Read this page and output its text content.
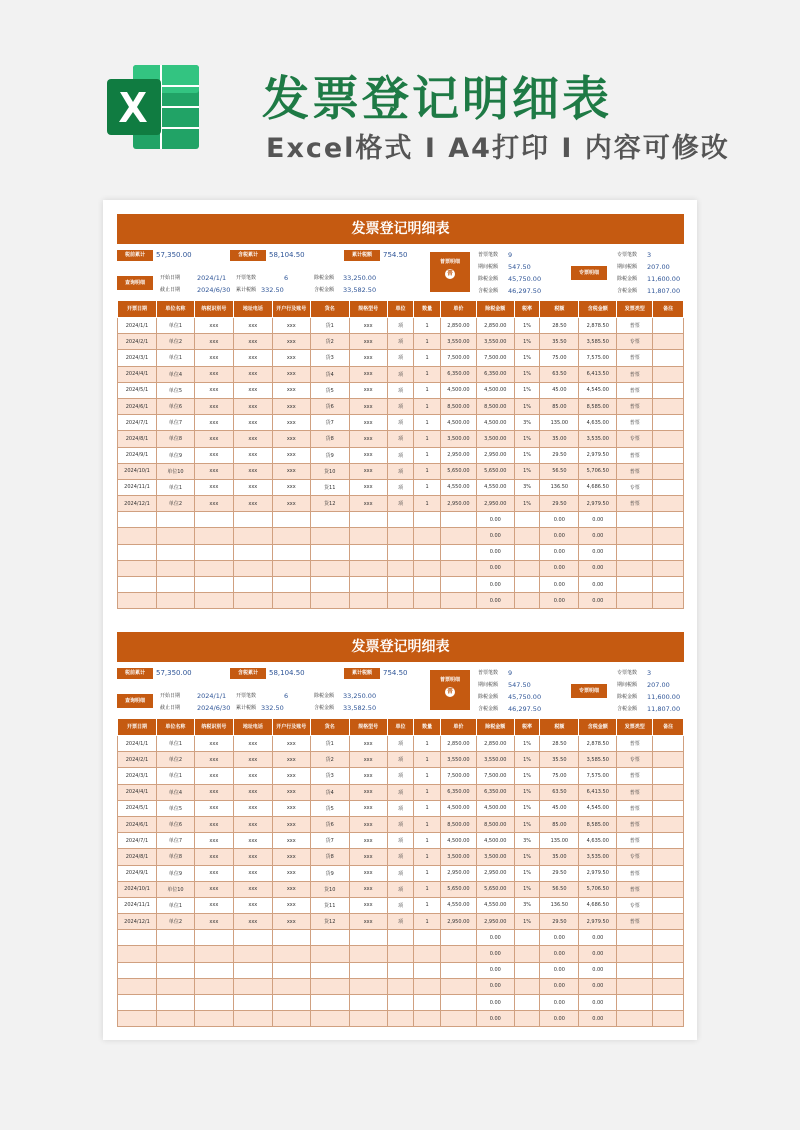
发票登记明细表
Excel格式 I A4打印 I 内容可修改
发票登记明细表
税前累计	57,350.00	含税累计	58,104.50	累计税额	754.50
查询明细
开始日期	2024/1/1
截止日期	2024/6/30
开票笔数	6
累计税额 332.50
除税金额 33,250.00
含税金额 33,582.50
普票明细
普
普票笔数 9
期间税额 547.50
除税金额 45,750.00
含税金额 46,297.50
专票明细
专票笔数 3
期间税额 207.00
除税金额 11,600.00
含税金额 11,807.00
开票日期	单位名称	纳税识别号	地址电话	开户行及账号	货名	规格型号	单位	数量	单价	除税金额	税率	税额	含税金额	发票类型	备注
2024/1/1	单位1	xxx	xxx	xxx	货1	xxx	项	1	2,850.00	2,850.00	1%	28.50	2,878.50	普票	
2024/2/1	单位2	xxx	xxx	xxx	货2	xxx	项	1	3,550.00	3,550.00	1%	35.50	3,585.50	专票	
2024/3/1	单位1	xxx	xxx	xxx	货3	xxx	项	1	7,500.00	7,500.00	1%	75.00	7,575.00	普票	
2024/4/1	单位4	xxx	xxx	xxx	货4	xxx	项	1	6,350.00	6,350.00	1%	63.50	6,413.50	普票	
2024/5/1	单位5	xxx	xxx	xxx	货5	xxx	项	1	4,500.00	4,500.00	1%	45.00	4,545.00	普票	
2024/6/1	单位6	xxx	xxx	xxx	货6	xxx	项	1	8,500.00	8,500.00	1%	85.00	8,585.00	普票	
2024/7/1	单位7	xxx	xxx	xxx	货7	xxx	项	1	4,500.00	4,500.00	3%	135.00	4,635.00	普票	
2024/8/1	单位8	xxx	xxx	xxx	货8	xxx	项	1	3,500.00	3,500.00	1%	35.00	3,535.00	专票	
2024/9/1	单位9	xxx	xxx	xxx	货9	xxx	项	1	2,950.00	2,950.00	1%	29.50	2,979.50	普票	
2024/10/1	单位10	xxx	xxx	xxx	货10	xxx	项	1	5,650.00	5,650.00	1%	56.50	5,706.50	普票	
2024/11/1	单位1	xxx	xxx	xxx	货11	xxx	项	1	4,550.00	4,550.00	3%	136.50	4,686.50	专票	
2024/12/1	单位2	xxx	xxx	xxx	货12	xxx	项	1	2,950.00	2,950.00	1%	29.50	2,979.50	普票	
										0.00		0.00	0.00		
										0.00		0.00	0.00		
										0.00		0.00	0.00		
										0.00		0.00	0.00		
										0.00		0.00	0.00		
										0.00		0.00	0.00		
发票登记明细表
税前累计	57,350.00	含税累计	58,104.50	累计税额	754.50
查询明细
开始日期	2024/1/1
截止日期	2024/6/30
开票笔数	6
累计税额 332.50
除税金额 33,250.00
含税金额 33,582.50
普票明细
普
普票笔数 9
期间税额 547.50
除税金额 45,750.00
含税金额 46,297.50
专票明细
专票笔数 3
期间税额 207.00
除税金额 11,600.00
含税金额 11,807.00
开票日期	单位名称	纳税识别号	地址电话	开户行及账号	货名	规格型号	单位	数量	单价	除税金额	税率	税额	含税金额	发票类型	备注
2024/1/1	单位1	xxx	xxx	xxx	货1	xxx	项	1	2,850.00	2,850.00	1%	28.50	2,878.50	普票	
2024/2/1	单位2	xxx	xxx	xxx	货2	xxx	项	1	3,550.00	3,550.00	1%	35.50	3,585.50	专票	
2024/3/1	单位1	xxx	xxx	xxx	货3	xxx	项	1	7,500.00	7,500.00	1%	75.00	7,575.00	普票	
2024/4/1	单位4	xxx	xxx	xxx	货4	xxx	项	1	6,350.00	6,350.00	1%	63.50	6,413.50	普票	
2024/5/1	单位5	xxx	xxx	xxx	货5	xxx	项	1	4,500.00	4,500.00	1%	45.00	4,545.00	普票	
2024/6/1	单位6	xxx	xxx	xxx	货6	xxx	项	1	8,500.00	8,500.00	1%	85.00	8,585.00	普票	
2024/7/1	单位7	xxx	xxx	xxx	货7	xxx	项	1	4,500.00	4,500.00	3%	135.00	4,635.00	普票	
2024/8/1	单位8	xxx	xxx	xxx	货8	xxx	项	1	3,500.00	3,500.00	1%	35.00	3,535.00	专票	
2024/9/1	单位9	xxx	xxx	xxx	货9	xxx	项	1	2,950.00	2,950.00	1%	29.50	2,979.50	普票	
2024/10/1	单位10	xxx	xxx	xxx	货10	xxx	项	1	5,650.00	5,650.00	1%	56.50	5,706.50	普票	
2024/11/1	单位1	xxx	xxx	xxx	货11	xxx	项	1	4,550.00	4,550.00	3%	136.50	4,686.50	专票	
2024/12/1	单位2	xxx	xxx	xxx	货12	xxx	项	1	2,950.00	2,950.00	1%	29.50	2,979.50	普票	
										0.00		0.00	0.00		
										0.00		0.00	0.00		
										0.00		0.00	0.00		
										0.00		0.00	0.00		
										0.00		0.00	0.00		
										0.00		0.00	0.00		
